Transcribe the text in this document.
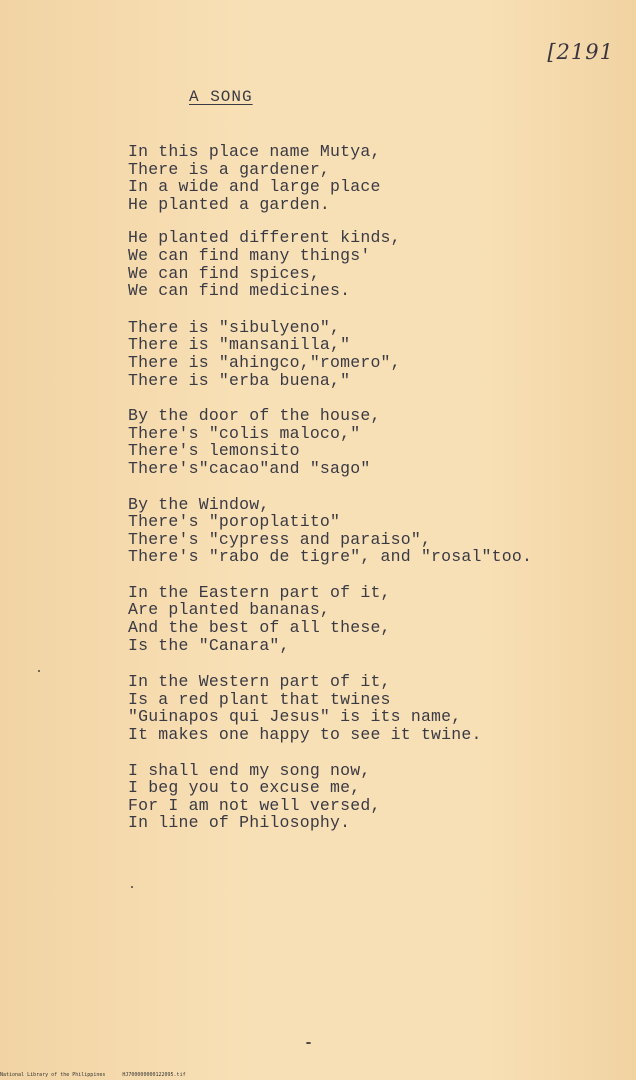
[2191
A SONG
In this place name Mutya,
There is a gardener,
In a wide and large place
He planted a garden.
He planted different kinds,
We can find many things'
We can find spices,
We can find medicines.
There is "sibulyeno",
There is "mansanilla,"
There is "ahingco,"romero",
There is "erba buena,"
By the door of the house,
There's "colis maloco,"
There's lemonsito
There's"cacao"and "sago"
By the Window,
There's "poroplatito"
There's "cypress and paraiso",
There's "rabo de tigre", and "rosal"too.
In the Eastern part of it,
Are planted bananas,
And the best of all these,
Is the "Canara",
In the Western part of it,
Is a red plant that twines
"Guinapos qui Jesus" is its name,
It makes one happy to see it twine.
I shall end my song now,
I beg you to excuse me,
For I am not well versed,
In line of Philosophy.
National Library of the Philippines	HJ700000000122095.tif
